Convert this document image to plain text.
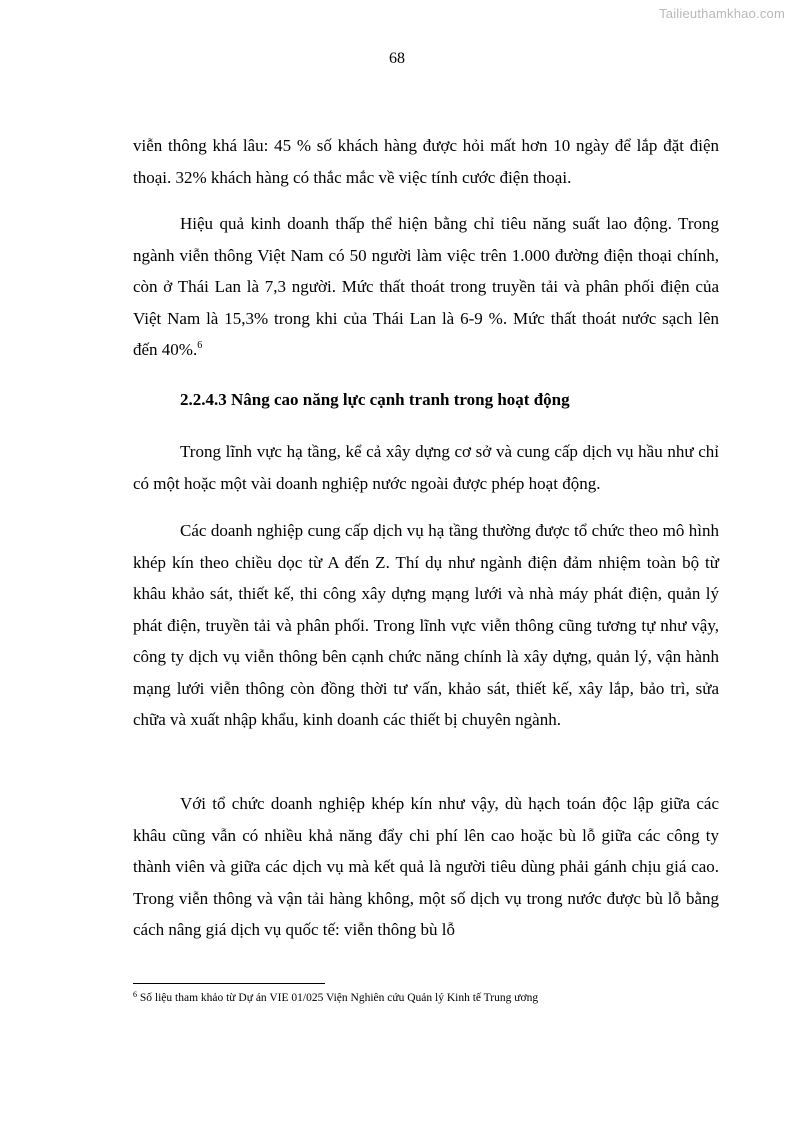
Tailieuthamkhao.com
68

viễn thông khá lâu: 45 % số khách hàng được hỏi mất hơn 10 ngày để lắp đặt điện thoại. 32% khách hàng có thắc mắc về việc tính cước điện thoại.

Hiệu quả kinh doanh thấp thể hiện bằng chỉ tiêu năng suất lao động. Trong ngành viễn thông Việt Nam có 50 người làm việc trên 1.000 đường điện thoại chính, còn ở Thái Lan là 7,3 người. Mức thất thoát trong truyền tải và phân phối điện của Việt Nam là 15,3% trong khi của Thái Lan là 6-9 %. Mức thất thoát nước sạch lên đến 40%.$^6$

2.2.4.3 Nâng cao năng lực cạnh tranh trong hoạt động

Trong lĩnh vực hạ tầng, kể cả xây dựng cơ sở và cung cấp dịch vụ hầu như chỉ có một hoặc một vài doanh nghiệp nước ngoài được phép hoạt động.

Các doanh nghiệp cung cấp dịch vụ hạ tầng thường được tổ chức theo mô hình khép kín theo chiều dọc từ A đến Z. Thí dụ như ngành điện đảm nhiệm toàn bộ từ khâu khảo sát, thiết kế, thi công xây dựng mạng lưới và nhà máy phát điện, quản lý phát điện, truyền tải và phân phối. Trong lĩnh vực viễn thông cũng tương tự như vậy, công ty dịch vụ viễn thông bên cạnh chức năng chính là xây dựng, quản lý, vận hành mạng lưới viễn thông còn đồng thời tư vấn, khảo sát, thiết kế, xây lắp, bảo trì, sửa chữa và xuất nhập khẩu, kinh doanh các thiết bị chuyên ngành.

Với tổ chức doanh nghiệp khép kín như vậy, dù hạch toán độc lập giữa các khâu cũng vẫn có nhiều khả năng đẩy chi phí lên cao hoặc bù lỗ giữa các công ty thành viên và giữa các dịch vụ mà kết quả là người tiêu dùng phải gánh chịu giá cao. Trong viễn thông và vận tải hàng không, một số dịch vụ trong nước được bù lỗ bằng cách nâng giá dịch vụ quốc tế: viễn thông bù lỗ

$^6$ Số liệu tham khảo từ Dự án VIE 01/025 Viện Nghiên cứu Quản lý Kinh tế Trung ương
